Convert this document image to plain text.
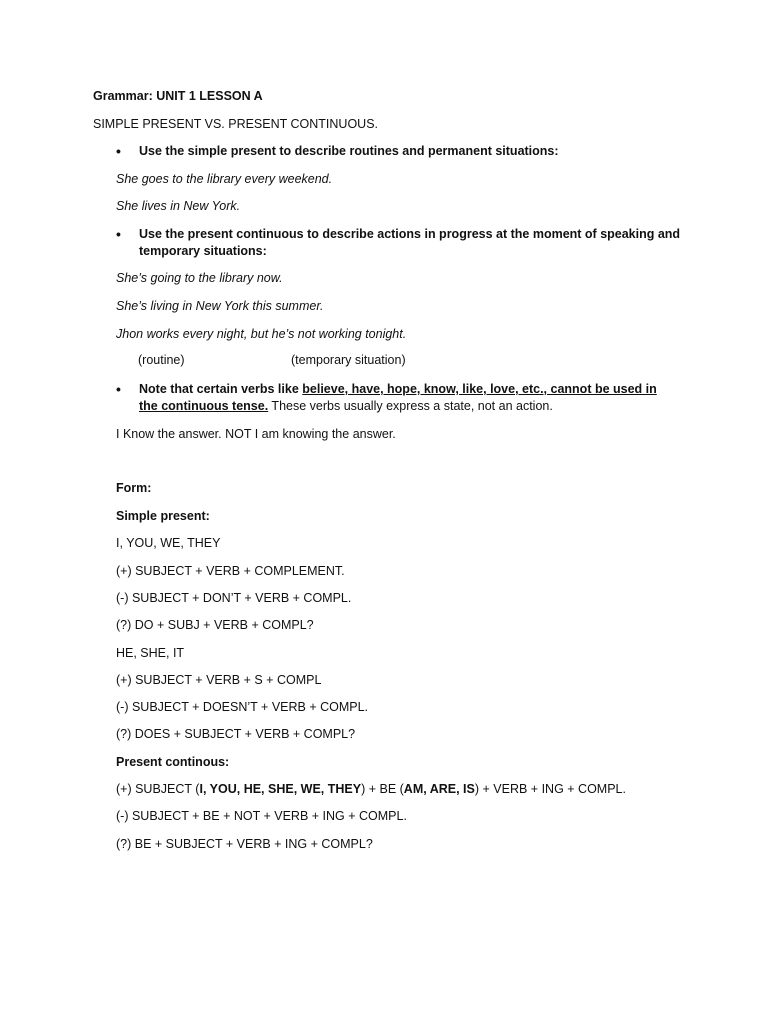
Grammar: UNIT 1 LESSON A
SIMPLE PRESENT VS. PRESENT CONTINUOUS.
• Use the simple present to describe routines and permanent situations:
She goes to the library every weekend.
She lives in New York.
• Use the present continuous to describe actions in progress at the moment of speaking and
temporary situations:
She’s going to the library now.
She’s living in New York this summer.
Jhon works every night, but he’s not working tonight.
(routine)	(temporary situation)
• Note that certain verbs like believe, have, hope, know, like, love, etc., cannot be used in
the continuous tense. These verbs usually express a state, not an action.
I Know the answer. NOT I am knowing the answer.
Form:
Simple present:
I, YOU, WE, THEY
(+) SUBJECT + VERB + COMPLEMENT.
(-) SUBJECT + DON’T + VERB + COMPL.
(?) DO + SUBJ + VERB + COMPL?
HE, SHE, IT
(+) SUBJECT + VERB + S + COMPL
(-) SUBJECT + DOESN’T + VERB + COMPL.
(?) DOES + SUBJECT + VERB + COMPL?
Present continous:
(+) SUBJECT (I, YOU, HE, SHE, WE, THEY) + BE (AM, ARE, IS) + VERB + ING + COMPL.
(-) SUBJECT + BE + NOT + VERB + ING + COMPL.
(?) BE + SUBJECT + VERB + ING + COMPL?
